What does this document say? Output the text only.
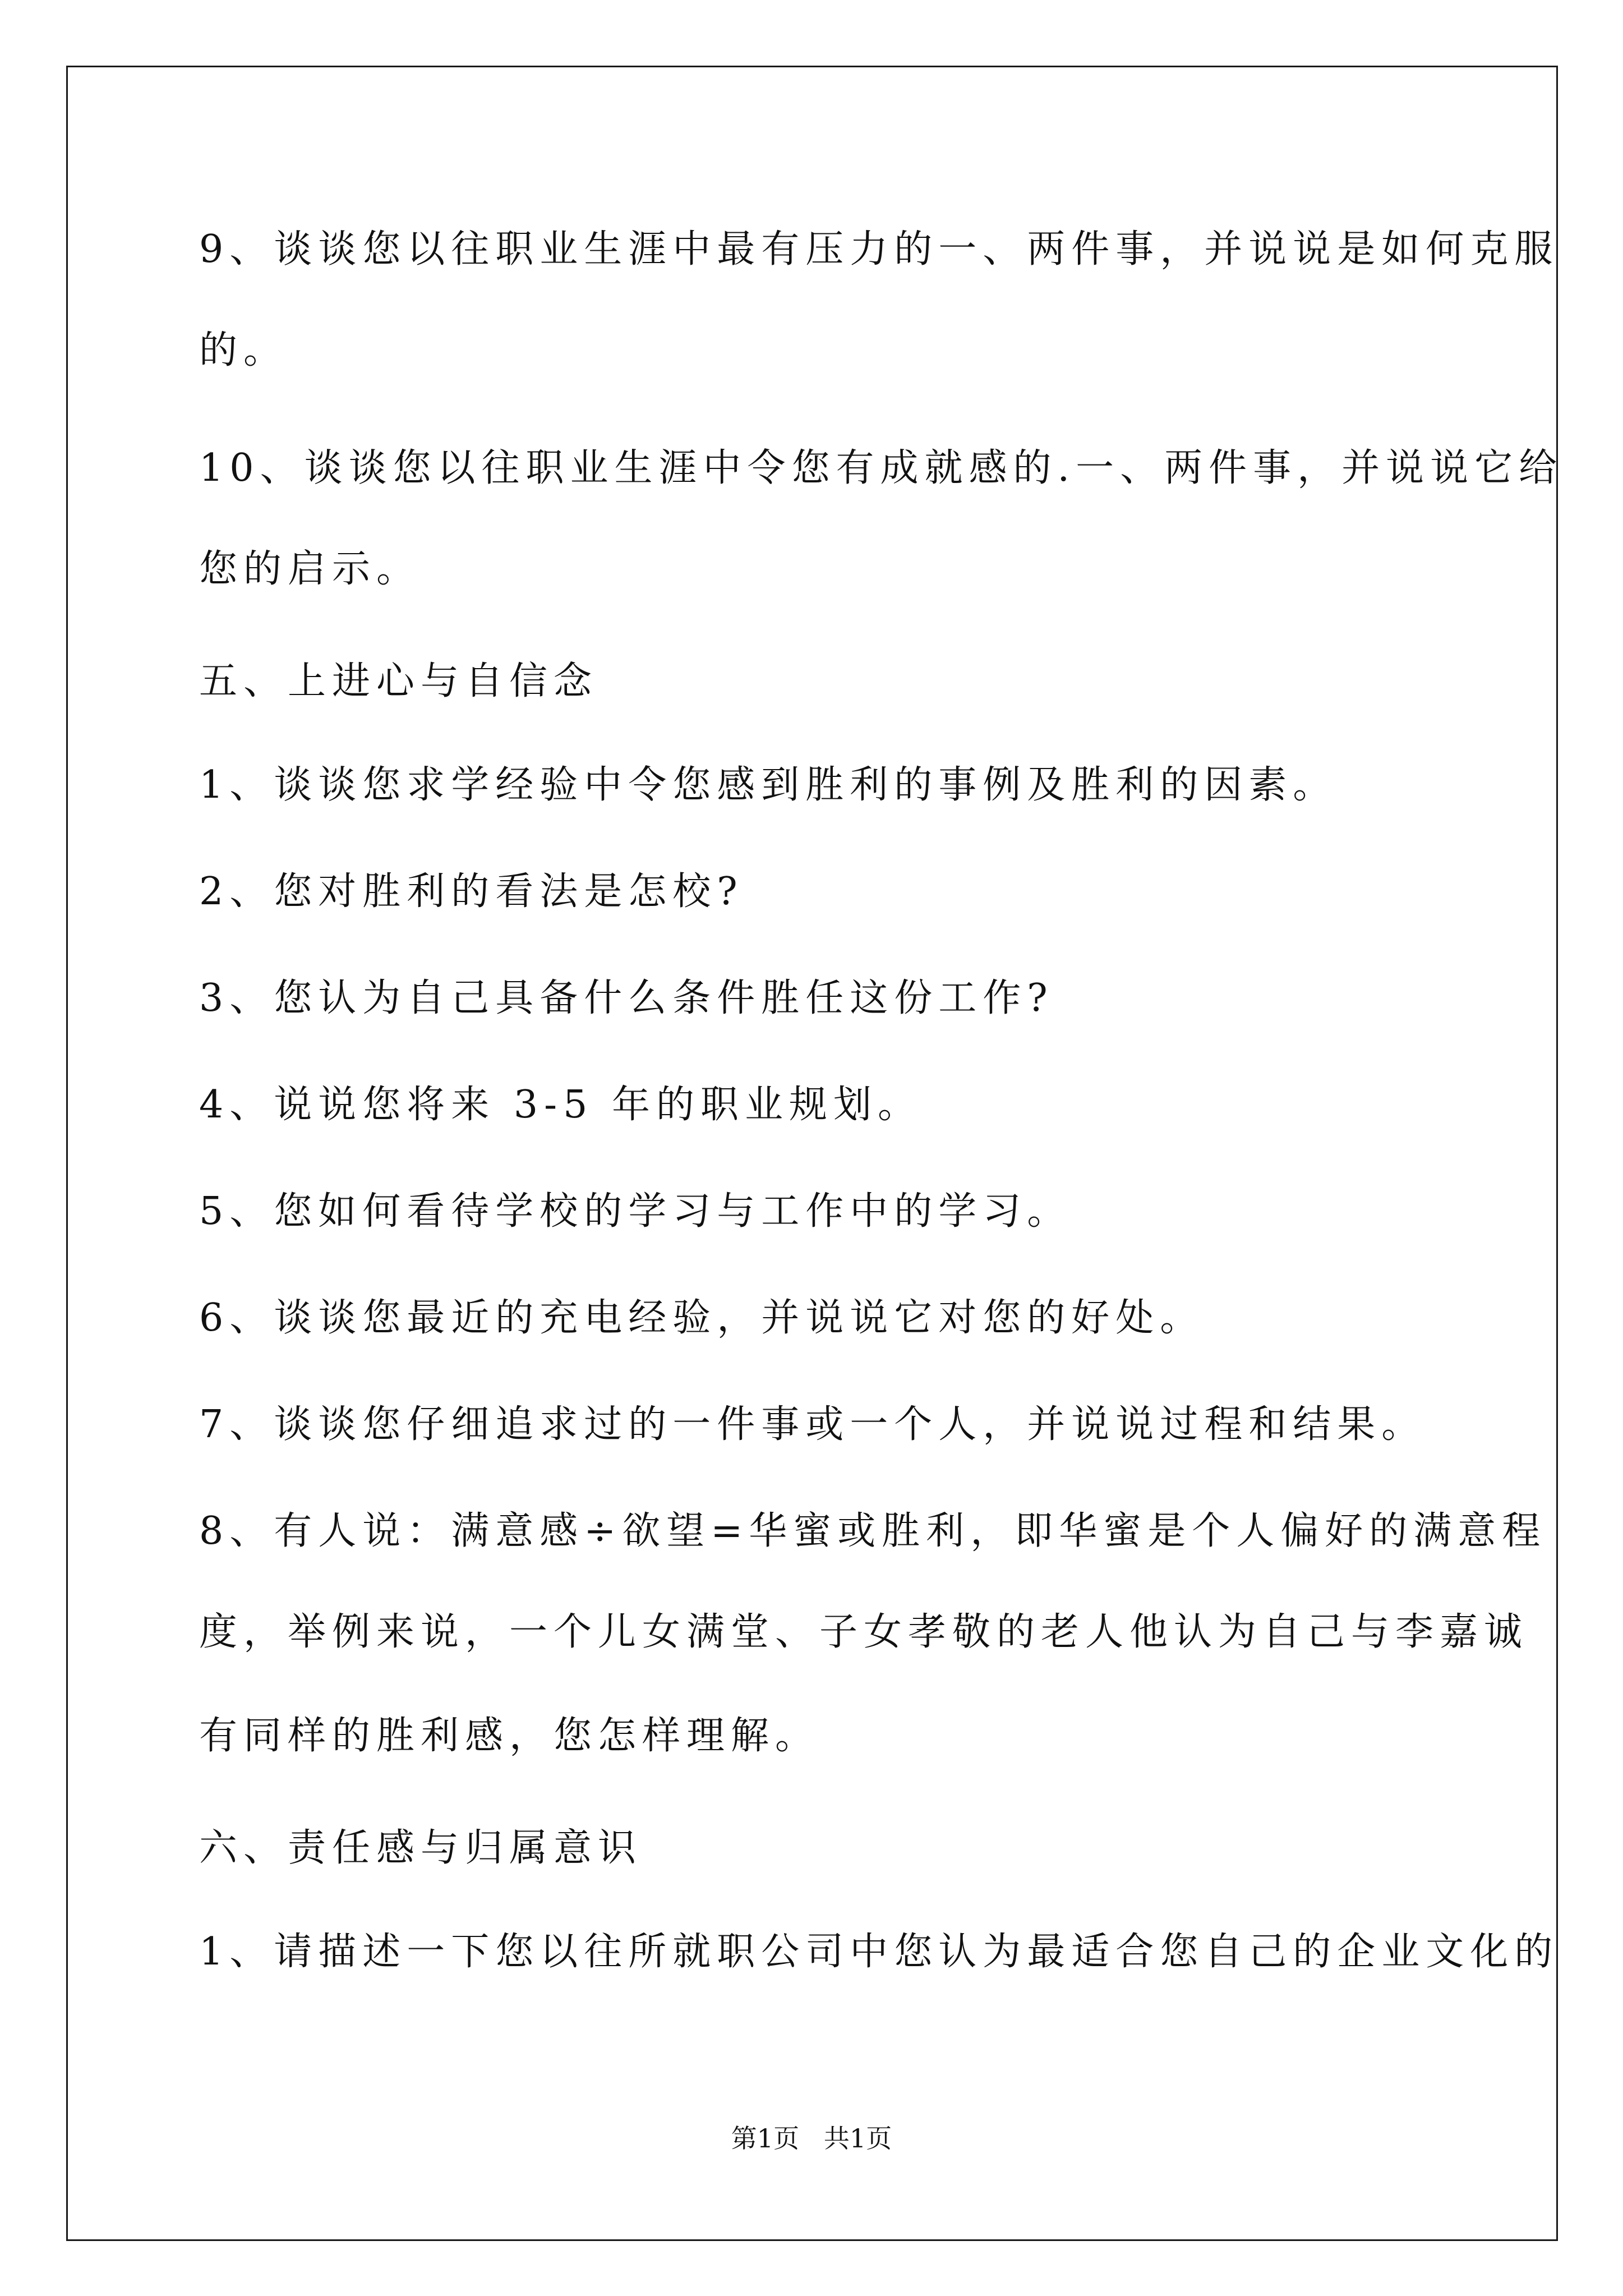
9、谈谈您以往职业生涯中最有压力的一、两件事，并说说是如何克服
的。
10、谈谈您以往职业生涯中令您有成就感的.一、两件事，并说说它给
您的启示。
五、上进心与自信念
1、谈谈您求学经验中令您感到胜利的事例及胜利的因素。
2、您对胜利的看法是怎校?
3、您认为自己具备什么条件胜任这份工作?
4、说说您将来 3-5 年的职业规划。
5、您如何看待学校的学习与工作中的学习。
6、谈谈您最近的充电经验，并说说它对您的好处。
7、谈谈您仔细追求过的一件事或一个人，并说说过程和结果。
8、有人说：满意感÷欲望=华蜜或胜利，即华蜜是个人偏好的满意程
度，举例来说，一个儿女满堂、子女孝敬的老人他认为自己与李嘉诚
有同样的胜利感，您怎样理解。
六、责任感与归属意识
1、请描述一下您以往所就职公司中您认为最适合您自己的企业文化的
第1页   共1页
